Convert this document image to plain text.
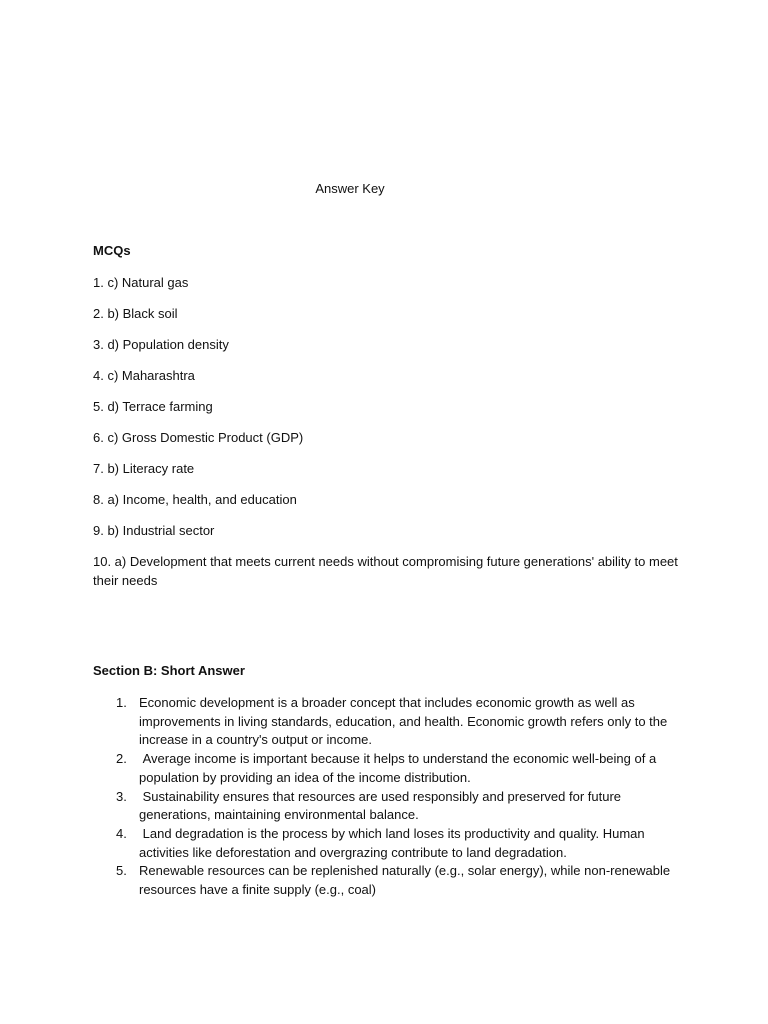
Answer Key
MCQs
1. c) Natural gas
2. b) Black soil
3. d) Population density
4. c) Maharashtra
5. d) Terrace farming
6. c) Gross Domestic Product (GDP)
7. b) Literacy rate
8. a) Income, health, and education
9. b) Industrial sector
10. a) Development that meets current needs without compromising future generations' ability to meet their needs
Section B: Short Answer
1. Economic development is a broader concept that includes economic growth as well as improvements in living standards, education, and health. Economic growth refers only to the increase in a country's output or income.
2. Average income is important because it helps to understand the economic well-being of a population by providing an idea of the income distribution.
3. Sustainability ensures that resources are used responsibly and preserved for future generations, maintaining environmental balance.
4. Land degradation is the process by which land loses its productivity and quality. Human activities like deforestation and overgrazing contribute to land degradation.
5. Renewable resources can be replenished naturally (e.g., solar energy), while non-renewable resources have a finite supply (e.g., coal)
